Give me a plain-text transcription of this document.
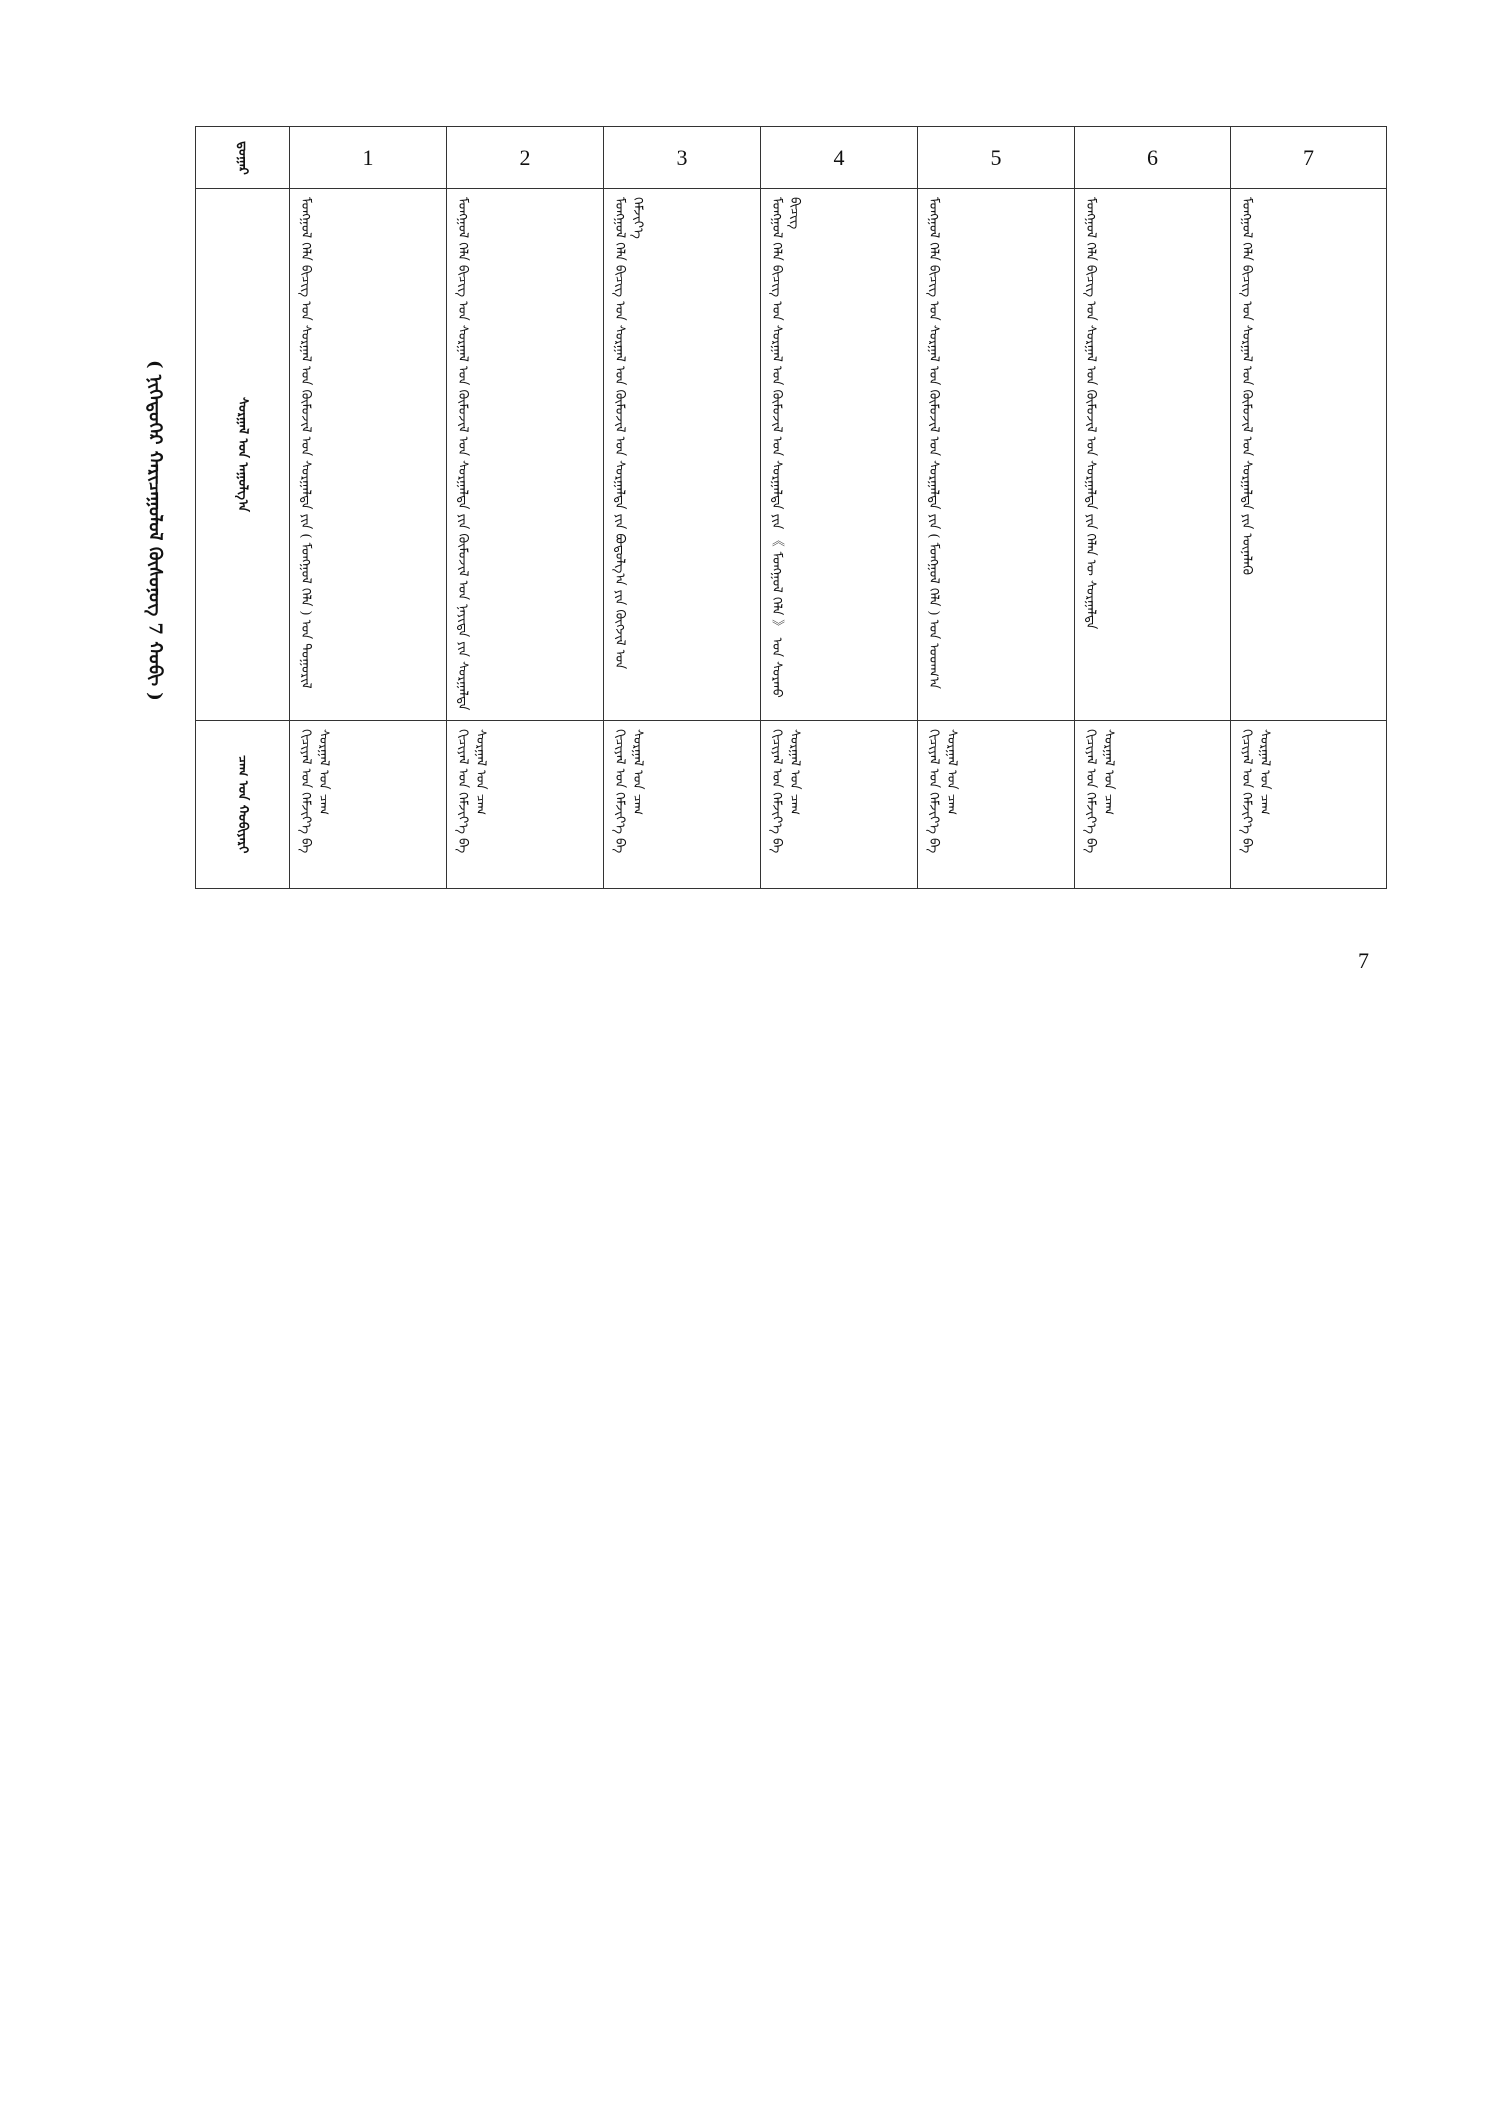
( ᠨᠢᠭᠡᠳᠦᠭᠡᠷ ᠬᠠᠷᠢᠴᠠᠭᠤᠯᠤᠯ ᠬᠦᠰᠦᠨᠦᠭ 7 ᠬᠤᠪᠢ )
ᠳ᠋ᠤᠭᠠᠷ	1	2	3	4	5	6	7

ᠰᠤᠷᠭᠠᠯ ᠤᠨ ᠠᠭᠤᠯᠭ᠎ᠠ	ᠮᠣᠩᠭᠣᠯ ᠬᠡᠯᠡ ᠪᠢᠴᠢᠭ ᠤᠨ ᠰᠤᠷᠭᠠᠯ ᠤᠨ ᠬᠦᠮᠦᠵᠢᠯ ᠤᠨ ᠰᠤᠷᠭᠠᠯᠲᠠ ᠶᠢᠨ ( ᠮᠣᠩᠭᠣᠯ ᠬᠡᠯᠡ ) ᠤᠨ ᠲᠤᠭᠤᠷᠢᠯ	ᠮᠣᠩᠭᠣᠯ ᠬᠡᠯᠡ ᠪᠢᠴᠢᠭ ᠤᠨ ᠰᠤᠷᠭᠠᠯ ᠤᠨ ᠬᠦᠮᠦᠵᠢᠯ ᠤᠨ ᠰᠤᠷᠭᠠᠯᠲᠠ ᠶᠢᠨ ᠬᠦᠮᠦᠵᠢᠯ ᠤᠨ ᠨᠡᠶᠢᠲᠡ ᠶᠢᠨ ᠰᠤᠷᠭᠠᠯᠲᠠ	ᠮᠣᠩᠭᠣᠯ ᠬᠡᠯᠡ ᠪᠢᠴᠢᠭ ᠤᠨ ᠰᠤᠷᠭᠠᠯ ᠤᠨ ᠬᠦᠮᠦᠵᠢᠯ ᠤᠨ ᠰᠤᠷᠭᠠᠯᠲᠠ ᠶᠢᠨ ᠪᠣᠳᠣᠯᠭ᠎ᠠ ᠶᠢᠨ ᠬᠥᠭᠵᠢᠯ ᠤᠨ ᠬᠡᠮᠵᠢᠶ᠎ᠡ	ᠮᠣᠩᠭᠣᠯ ᠬᠡᠯᠡ ᠪᠢᠴᠢᠭ ᠤᠨ ᠰᠤᠷᠭᠠᠯ ᠤᠨ ᠬᠦᠮᠦᠵᠢᠯ ᠤᠨ ᠰᠤᠷᠭᠠᠯᠲᠠ ᠶᠢᠨ 《 ᠮᠣᠩᠭᠣᠯ ᠬᠡᠯᠡ 》 ᠤᠨ ᠰᠤᠷᠬᠤ ᠪᠢᠴᠢᠭ	ᠮᠣᠩᠭᠣᠯ ᠬᠡᠯᠡ ᠪᠢᠴᠢᠭ ᠤᠨ ᠰᠤᠷᠭᠠᠯ ᠤᠨ ᠬᠦᠮᠦᠵᠢᠯ ᠤᠨ ᠰᠤᠷᠭᠠᠯᠲᠠ ᠶᠢᠨ ( ᠮᠣᠩᠭᠣᠯ ᠬᠡᠯᠡ ) ᠤᠨ ᠤᠳᠬ᠎ᠠ	ᠮᠣᠩᠭᠣᠯ ᠬᠡᠯᠡ ᠪᠢᠴᠢᠭ ᠤᠨ ᠰᠤᠷᠭᠠᠯ ᠤᠨ ᠬᠦᠮᠦᠵᠢᠯ ᠤᠨ ᠰᠤᠷᠭᠠᠯᠲᠠ ᠶᠢᠨ ᠬᠡᠯᠡᠨ ᠦ ᠰᠤᠷᠭᠠᠯᠲᠠ	ᠮᠣᠩᠭᠣᠯ ᠬᠡᠯᠡ ᠪᠢᠴᠢᠭ ᠤᠨ ᠰᠤᠷᠭᠠᠯ ᠤᠨ ᠬᠦᠮᠦᠵᠢᠯ ᠤᠨ ᠰᠤᠷᠭᠠᠯᠲᠠ ᠶᠢᠨ ᠦᠨᠡᠯᠡᠬᠦ

ᠴᠠᠭ ᠤᠨ ᠬᠤᠪᠢᠶᠠᠷᠢ	ᠬᠢᠴᠢᠶᠡᠯ ᠤᠨ ᠬᠡᠮᠵᠢᠶ᠎ᠡ ᠪᠠ ᠰᠤᠷᠭᠠᠯ ᠤᠨ ᠴᠠᠭ	ᠬᠢᠴᠢᠶᠡᠯ ᠤᠨ ᠬᠡᠮᠵᠢᠶ᠎ᠡ ᠪᠠ ᠰᠤᠷᠭᠠᠯ ᠤᠨ ᠴᠠᠭ	ᠬᠢᠴᠢᠶᠡᠯ ᠤᠨ ᠬᠡᠮᠵᠢᠶ᠎ᠡ ᠪᠠ ᠰᠤᠷᠭᠠᠯ ᠤᠨ ᠴᠠᠭ	ᠬᠢᠴᠢᠶᠡᠯ ᠤᠨ ᠬᠡᠮᠵᠢᠶ᠎ᠡ ᠪᠠ ᠰᠤᠷᠭᠠᠯ ᠤᠨ ᠴᠠᠭ	ᠬᠢᠴᠢᠶᠡᠯ ᠤᠨ ᠬᠡᠮᠵᠢᠶ᠎ᠡ ᠪᠠ ᠰᠤᠷᠭᠠᠯ ᠤᠨ ᠴᠠᠭ	ᠬᠢᠴᠢᠶᠡᠯ ᠤᠨ ᠬᠡᠮᠵᠢᠶ᠎ᠡ ᠪᠠ ᠰᠤᠷᠭᠠᠯ ᠤᠨ ᠴᠠᠭ	ᠬᠢᠴᠢᠶᠡᠯ ᠤᠨ ᠬᠡᠮᠵᠢᠶ᠎ᠡ ᠪᠠ ᠰᠤᠷᠭᠠᠯ ᠤᠨ ᠴᠠᠭ
7
